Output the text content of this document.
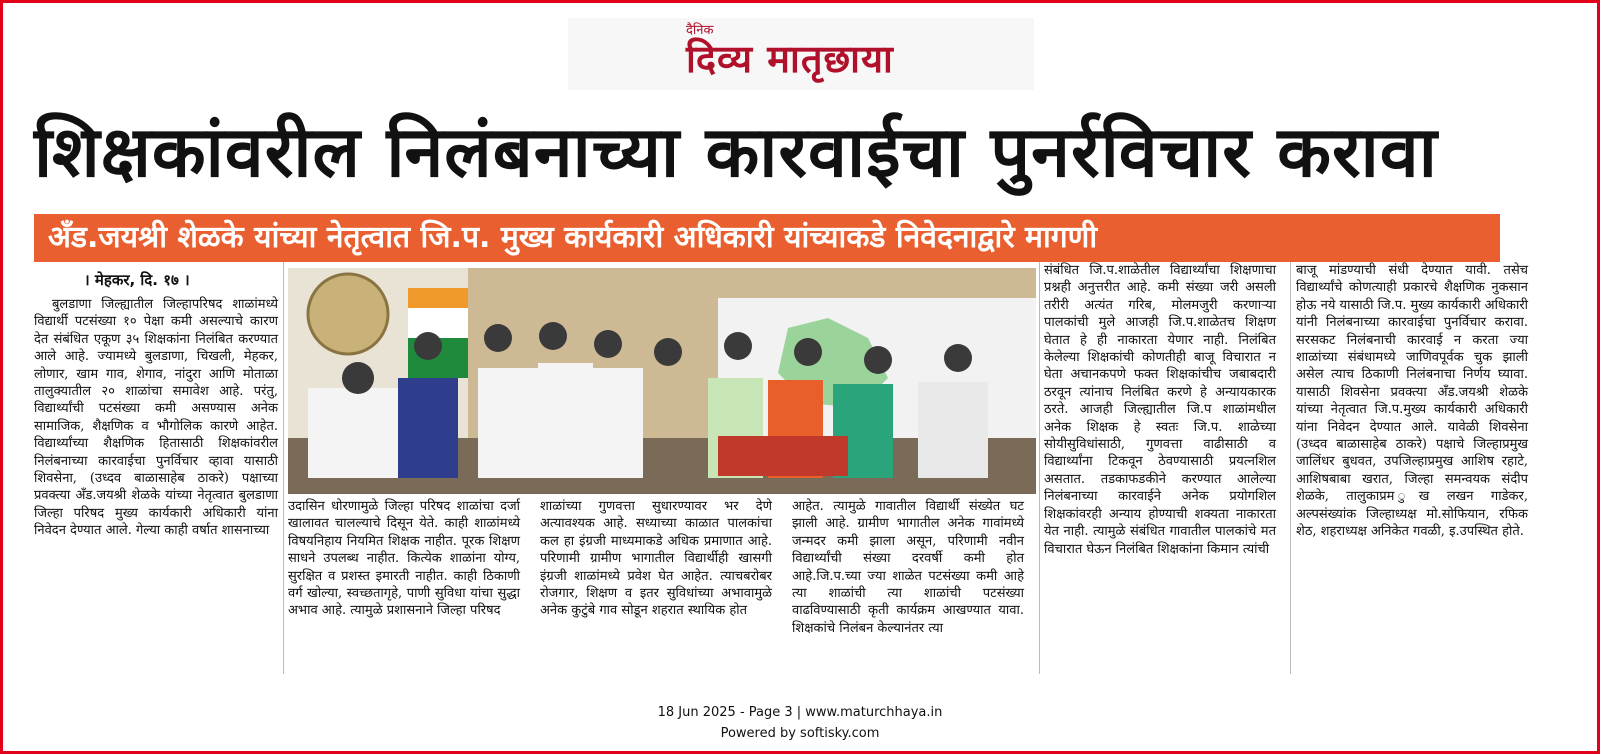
दैनिक
दिव्य मातृछाया
शिक्षकांवरील निलंबनाच्या कारवाईचा पुनर्रविचार करावा
अँड.जयश्री शेळके यांच्या नेतृत्वात जि.प. मुख्य कार्यकारी अधिकारी यांच्याकडे निवेदनाद्वारे मागणी
। मेहकर, दि. १७ ।

बुलडाणा जिल्ह्यातील जिल्हापरिषद शाळांमध्ये विद्यार्थी पटसंख्या १० पेक्षा कमी असल्याचे कारण देत संबंधित एकूण ३५ शिक्षकांना निलंबित करण्यात आले आहे. ज्यामध्ये बुलडाणा, चिखली, मेहकर, लोणार, खाम गाव, शेगाव, नांदुरा आणि मोताळा तालुक्यातील २० शाळांचा समावेश आहे. परंतु, विद्यार्थ्यांची पटसंख्या कमी असण्यास अनेक सामाजिक, शैक्षणिक व भौगोलिक कारणे आहेत. विद्यार्थ्यांच्या शैक्षणिक हितासाठी शिक्षकांवरील निलंबनाच्या कारवाईचा पुनर्विचार व्हावा यासाठी शिवसेना, (उध्दव बाळासाहेब ठाकरे) पक्षाच्या प्रवक्त्या अँड.जयश्री शेळके यांच्या नेतृत्वात बुलडाणा जिल्हा परिषद मुख्य कार्यकारी अधिकारी यांना निवेदन देण्यात आले. गेल्या काही वर्षात शासनाच्या

उदासिन धोरणामुळे जिल्हा परिषद शाळांचा दर्जा खालावत चालल्याचे दिसून येते. काही शाळांमध्ये विषयनिहाय नियमित शिक्षक नाहीत. पूरक शिक्षण साधने उपलब्ध नाहीत. कित्येक शाळांना योग्य, सुरक्षित व प्रशस्त इमारती नाहीत. काही ठिकाणी वर्ग खोल्या, स्वच्छतागृहे, पाणी सुविधा यांचा सुद्धा अभाव आहे. त्यामुळे प्रशासनाने जिल्हा परिषद

शाळांच्या गुणवत्ता सुधारण्यावर भर देणे अत्यावश्यक आहे. सध्याच्या काळात पालकांचा कल हा इंग्रजी माध्यमाकडे अधिक प्रमाणात आहे. परिणामी ग्रामीण भागातील विद्यार्थीही खासगी इंग्रजी शाळांमध्ये प्रवेश घेत आहेत. त्याचबरोबर रोजगार, शिक्षण व इतर सुविधांच्या अभावामुळे अनेक कुटुंबे गाव सोडून शहरात स्थायिक होत

आहेत. त्यामुळे गावातील विद्यार्थी संख्येत घट झाली आहे. ग्रामीण भागातील अनेक गावांमध्ये जन्मदर कमी झाला असून, परिणामी नवीन विद्यार्थ्यांची संख्या दरवर्षी कमी होत आहे.जि.प.च्या ज्या शाळेत पटसंख्या कमी आहे त्या शाळांची त्या शाळांची पटसंख्या वाढविण्यासाठी कृती कार्यक्रम आखण्यात यावा. शिक्षकांचे निलंबन केल्यानंतर त्या

संबंधित जि.प.शाळेतील विद्यार्थ्यांचा शिक्षणाचा प्रश्नही अनुत्तरीत आहे. कमी संख्या जरी असली तरीरी अत्यंत गरिब, मोलमजुरी करणाऱ्या पालकांची मुले आजही जि.प.शाळेतच शिक्षण घेतात हे ही नाकारता येणार नाही. निलंबित केलेल्या शिक्षकांची कोणतीही बाजू विचारात न घेता अचानकपणे फक्त शिक्षकांचीच जबाबदारी ठरवून त्यांनाच निलंबित करणे हे अन्यायकारक ठरते. आजही जिल्ह्यातील जि.प शाळांमधील अनेक शिक्षक हे स्वतः जि.प. शाळेच्या सोयीसुविधांसाठी, गुणवत्ता वाढीसाठी व विद्यार्थ्यांना टिकवून ठेवण्यासाठी प्रयत्नशिल असतात. तडकाफडकीने करण्यात आलेल्या निलंबनाच्या कारवाईने अनेक प्रयोगशिल शिक्षकांवरही अन्याय होण्याची शक्यता नाकारता येत नाही. त्यामुळे संबंधित गावातील पालकांचे मत विचारात घेऊन निलंबित शिक्षकांना किमान त्यांची

बाजू मांडण्याची संधी देण्यात यावी. तसेच विद्यार्थ्यांचे कोणत्याही प्रकारचे शैक्षणिक नुकसान होऊ नये यासाठी जि.प. मुख्य कार्यकारी अधिकारी यांनी निलंबनाच्या कारवाईचा पुनर्विचार करावा. सरसकट निलंबनाची कारवाई न करता ज्या शाळांच्या संबंधामध्ये जाणिवपूर्वक चुक झाली असेल त्याच ठिकाणी निलंबनाचा निर्णय घ्यावा. यासाठी शिवसेना प्रवक्त्या अँड.जयश्री शेळके यांच्या नेतृत्वात जि.प.मुख्य कार्यकारी अधिकारी यांना निवेदन देण्यात आले. यावेळी शिवसेना (उध्दव बाळासाहेब ठाकरे) पक्षाचे जिल्हाप्रमुख जालिंधर बुधवत, उपजिल्हाप्रमुख आशिष रहाटे, आशिषबाबा खरात, जिल्हा समन्वयक संदीप शेळके, तालुकाप्रम ुख लखन गाडेकर, अल्पसंख्यांक जिल्हाध्यक्ष मो.सोफियान, रफिक शेठ, शहराध्यक्ष अनिकेत गवळी, इ.उपस्थित होते.

18 Jun 2025 - Page 3 | www.maturchhaya.in
Powered by softisky.com
